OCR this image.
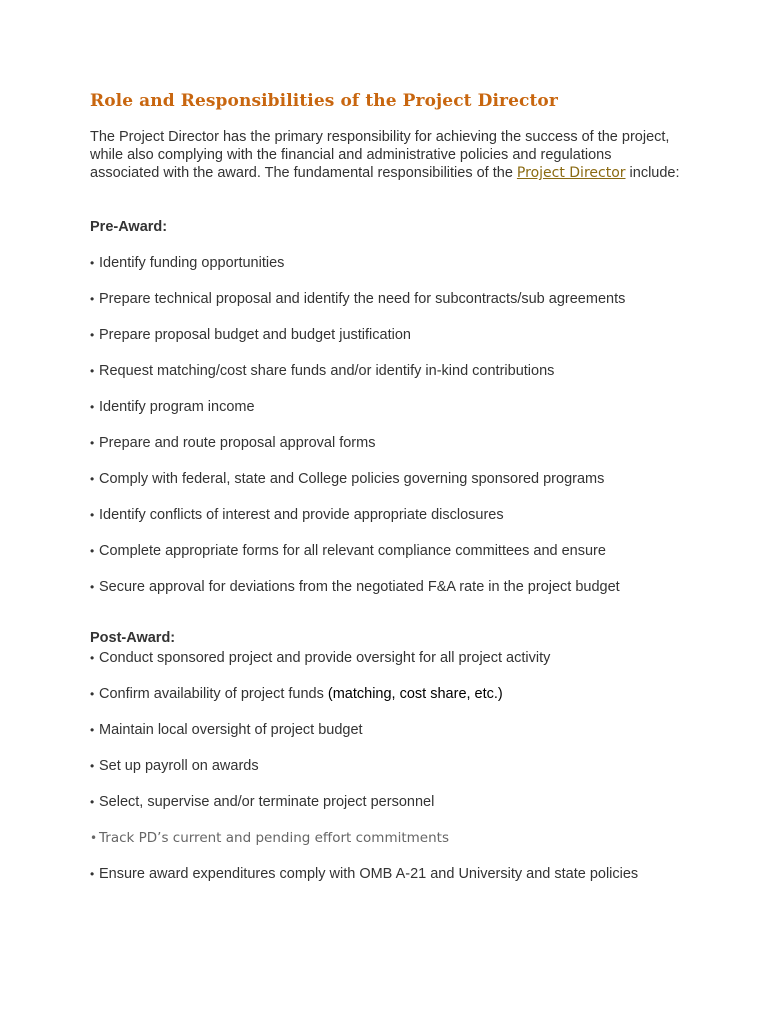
Role and Responsibilities of the Project Director

The Project Director has the primary responsibility for achieving the success of the project, while also complying with the financial and administrative policies and regulations associated with the award. The fundamental responsibilities of the Project Director include:

Pre-Award:

• Identify funding opportunities
• Prepare technical proposal and identify the need for subcontracts/sub agreements
• Prepare proposal budget and budget justification
• Request matching/cost share funds and/or identify in-kind contributions
• Identify program income
• Prepare and route proposal approval forms
• Comply with federal, state and College policies governing sponsored programs
• Identify conflicts of interest and provide appropriate disclosures
• Complete appropriate forms for all relevant compliance committees and ensure
• Secure approval for deviations from the negotiated F&A rate in the project budget

Post-Award:

• Conduct sponsored project and provide oversight for all project activity
• Confirm availability of project funds (matching, cost share, etc.)
• Maintain local oversight of project budget
• Set up payroll on awards
• Select, supervise and/or terminate project personnel
• Track PD’s current and pending effort commitments
• Ensure award expenditures comply with OMB A-21 and University and state policies
